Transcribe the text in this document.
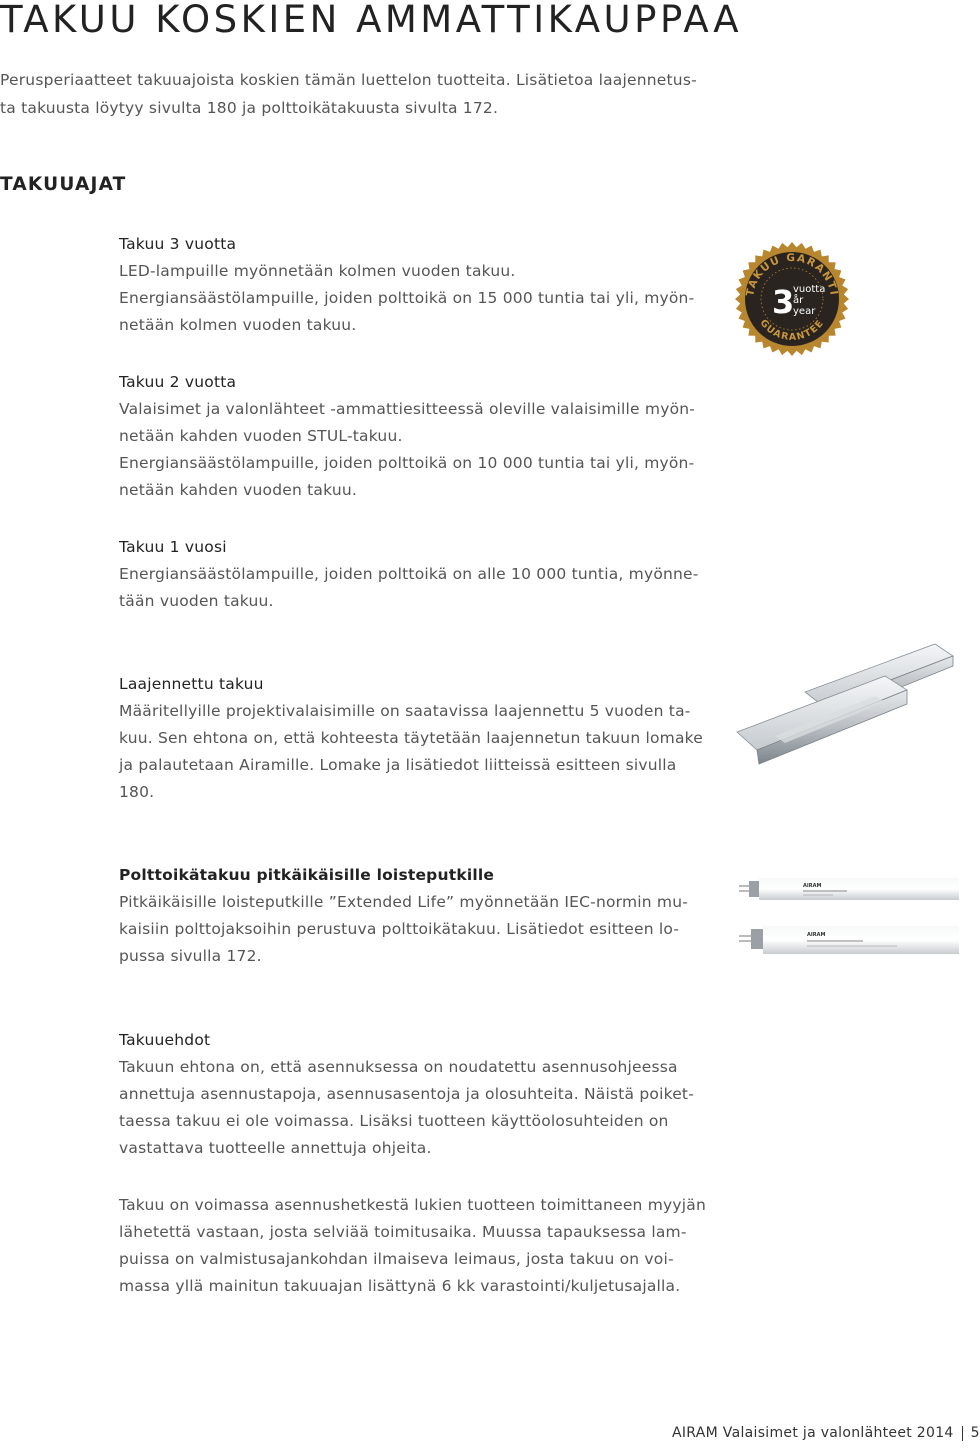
TAKUU KOSKIEN AMMATTIKAUPPAA
Perusperiaatteet takuuajoista koskien tämän luettelon tuotteita. Lisätietoa laajennetus-
ta takuusta löytyy sivulta 180 ja polttoikätakuusta sivulta 172.
TAKUUAJAT

Takuu 3 vuotta

LED-lampuille myönnetään kolmen vuoden takuu.

Energiansäästölampuille, joiden polttoikä on 15 000 tuntia tai yli, myön-

netään kolmen vuoden takuu.

TAKUU GARANTI
GUARANTEE
3
vuotta
år
year

Takuu 2 vuotta

Valaisimet ja valonlähteet -ammattiesitteessä oleville valaisimille myön-

netään kahden vuoden STUL-takuu.

Energiansäästölampuille, joiden polttoikä on 10 000 tuntia tai yli, myön-

netään kahden vuoden takuu.

Takuu 1 vuosi

Energiansäästölampuille, joiden polttoikä on alle 10 000 tuntia, myönne-

tään vuoden takuu.

Laajennettu takuu

Määritellyille projektivalaisimille on saatavissa laajennettu 5 vuoden ta-

kuu. Sen ehtona on, että kohteesta täytetään laajennetun takuun lomake

ja palautetaan Airamille. Lomake ja lisätiedot liitteissä esitteen sivulla

180.

Polttoikätakuu pitkäikäisille loisteputkille

Pitkäikäisille loisteputkille ”Extended Life” myönnetään IEC-normin mu-

kaisiin polttojaksoihin perustuva polttoikätakuu. Lisätiedot esitteen lo-

pussa sivulla 172.

AIRAM
AIRAM

Takuuehdot

Takuun ehtona on, että asennuksessa on noudatettu asennusohjeessa

annettuja asennustapoja, asennusasentoja ja olosuhteita. Näistä poiket-

taessa takuu ei ole voimassa. Lisäksi tuotteen käyttöolosuhteiden on

vastattava tuotteelle annettuja ohjeita.

Takuu on voimassa asennushetkestä lukien tuotteen toimittaneen myyjän

lähetettä vastaan, josta selviää toimitusaika. Muussa tapauksessa lam-

puissa on valmistusajankohdan ilmaiseva leimaus, josta takuu on voi-

massa yllä mainitun takuuajan lisättynä 6 kk varastointi/kuljetusajalla.

AIRAM Valaisimet ja valonlähteet 2014 5
